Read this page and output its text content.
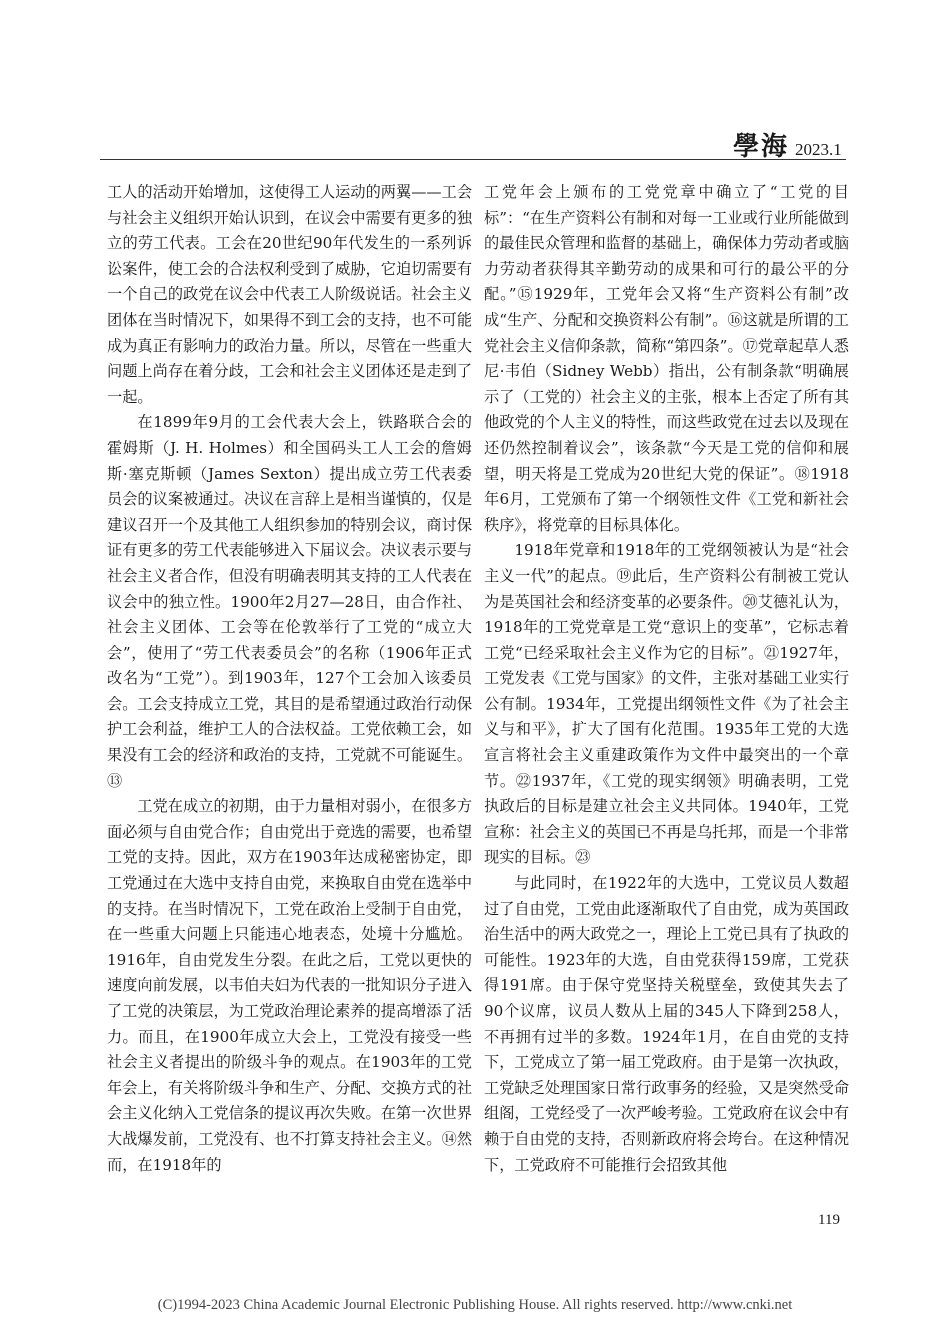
學海 2023.1

工人的活动开始增加，这使得工人运动的两翼——工会与社会主义组织开始认识到，在议会中需要有更多的独立的劳工代表。工会在20世纪90年代发生的一系列诉讼案件，使工会的合法权利受到了威胁，它迫切需要有一个自己的政党在议会中代表工人阶级说话。社会主义团体在当时情况下，如果得不到工会的支持，也不可能成为真正有影响力的政治力量。所以，尽管在一些重大问题上尚存在着分歧，工会和社会主义团体还是走到了一起。

在1899年9月的工会代表大会上，铁路联合会的霍姆斯（J. H. Holmes）和全国码头工人工会的詹姆斯·塞克斯顿（James Sexton）提出成立劳工代表委员会的议案被通过。决议在言辞上是相当谨慎的，仅是建议召开一个及其他工人组织参加的特别会议，商讨保证有更多的劳工代表能够进入下届议会。决议表示要与社会主义者合作，但没有明确表明其支持的工人代表在议会中的独立性。1900年2月27—28日，由合作社、社会主义团体、工会等在伦敦举行了工党的“成立大会”，使用了“劳工代表委员会”的名称（1906年正式改名为“工党”）。到1903年，127个工会加入该委员会。工会支持成立工党，其目的是希望通过政治行动保护工会利益，维护工人的合法权益。工党依赖工会，如果没有工会的经济和政治的支持，工党就不可能诞生。⑬

工党在成立的初期，由于力量相对弱小，在很多方面必须与自由党合作；自由党出于竞选的需要，也希望工党的支持。因此，双方在1903年达成秘密协定，即工党通过在大选中支持自由党，来换取自由党在选举中的支持。在当时情况下，工党在政治上受制于自由党，在一些重大问题上只能违心地表态，处境十分尴尬。1916年，自由党发生分裂。在此之后，工党以更快的速度向前发展，以韦伯夫妇为代表的一批知识分子进入了工党的决策层，为工党政治理论素养的提高增添了活力。而且，在1900年成立大会上，工党没有接受一些社会主义者提出的阶级斗争的观点。在1903年的工党年会上，有关将阶级斗争和生产、分配、交换方式的社会主义化纳入工党信条的提议再次失败。在第一次世界大战爆发前，工党没有、也不打算支持社会主义。⑭然而，在1918年的

工党年会上颁布的工党党章中确立了“工党的目标”：“在生产资料公有制和对每一工业或行业所能做到的最佳民众管理和监督的基础上，确保体力劳动者或脑力劳动者获得其辛勤劳动的成果和可行的最公平的分配。”⑮1929年，工党年会又将“生产资料公有制”改成“生产、分配和交换资料公有制”。⑯这就是所谓的工党社会主义信仰条款，简称“第四条”。⑰党章起草人悉尼·韦伯（Sidney Webb）指出，公有制条款“明确展示了（工党的）社会主义的主张，根本上否定了所有其他政党的个人主义的特性，而这些政党在过去以及现在还仍然控制着议会”，该条款“今天是工党的信仰和展望，明天将是工党成为20世纪大党的保证”。⑱1918年6月，工党颁布了第一个纲领性文件《工党和新社会秩序》，将党章的目标具体化。

1918年党章和1918年的工党纲领被认为是“社会主义一代”的起点。⑲此后，生产资料公有制被工党认为是英国社会和经济变革的必要条件。⑳艾德礼认为，1918年的工党党章是工党“意识上的变革”，它标志着工党“已经采取社会主义作为它的目标”。㉑1927年，工党发表《工党与国家》的文件，主张对基础工业实行公有制。1934年，工党提出纲领性文件《为了社会主义与和平》，扩大了国有化范围。1935年工党的大选宣言将社会主义重建政策作为文件中最突出的一个章节。㉒1937年，《工党的现实纲领》明确表明，工党执政后的目标是建立社会主义共同体。1940年，工党宣称：社会主义的英国已不再是乌托邦，而是一个非常现实的目标。㉓

与此同时，在1922年的大选中，工党议员人数超过了自由党，工党由此逐渐取代了自由党，成为英国政治生活中的两大政党之一，理论上工党已具有了执政的可能性。1923年的大选，自由党获得159席，工党获得191席。由于保守党坚持关税壁垒，致使其失去了90个议席，议员人数从上届的345人下降到258人，不再拥有过半的多数。1924年1月，在自由党的支持下，工党成立了第一届工党政府。由于是第一次执政，工党缺乏处理国家日常行政事务的经验，又是突然受命组阁，工党经受了一次严峻考验。工党政府在议会中有赖于自由党的支持，否则新政府将会垮台。在这种情况下，工党政府不可能推行会招致其他

119
(C)1994-2023 China Academic Journal Electronic Publishing House. All rights reserved. http://www.cnki.net
